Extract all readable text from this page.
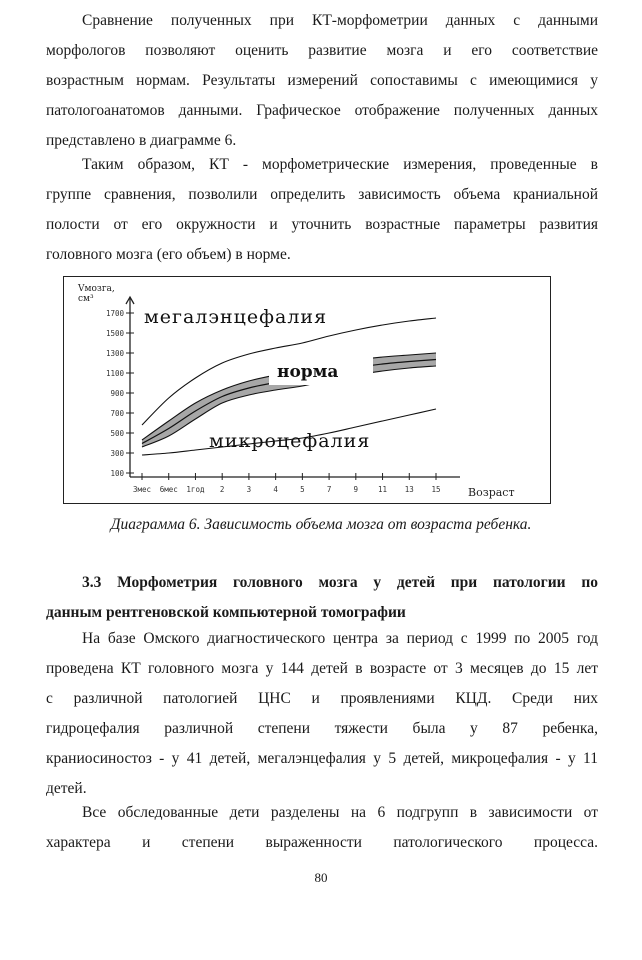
Сравнение полученных при КТ-морфометрии данных с данными
морфологов позволяют оценить развитие мозга и его соответствие
возрастным нормам. Результаты измерений сопоставимы с имеющимися у
патологоанатомов данными. Графическое отображение полученных данных
представлено в диаграмме 6.
Таким образом, КТ - морфометрические измерения, проведенные в
группе сравнения, позволили определить зависимость объема краниальной
полости от его окружности и уточнить возрастные параметры развития
головного мозга (его объем) в норме.
100
300
500
700
900
1100
1300
1500
1700
3мес 6мес 1год 2	3	4	5	7	9	11 13 15
Vмозга,
см³
Возраст
мегалэнцефалия
норма
микроцефалия
Диаграмма 6. Зависимость объема мозга от возраста ребенка.
3.3 Морфометрия головного мозга у детей при патологии по
данным рентгеновской компьютерной томографии
На базе Омского диагностического центра за период с 1999 по 2005 год
проведена КТ головного мозга у 144 детей в возрасте от 3 месяцев до 15 лет
с различной патологией ЦНС и проявлениями КЦД. Среди них
гидроцефалия различной степени тяжести была у 87 ребенка,
краниосиностоз - у 41 детей, мегалэнцефалия у 5 детей, микроцефалия - у 11
детей.
Все обследованные дети разделены на 6 подгрупп в зависимости от
характера и степени выраженности патологического процесса.
80
